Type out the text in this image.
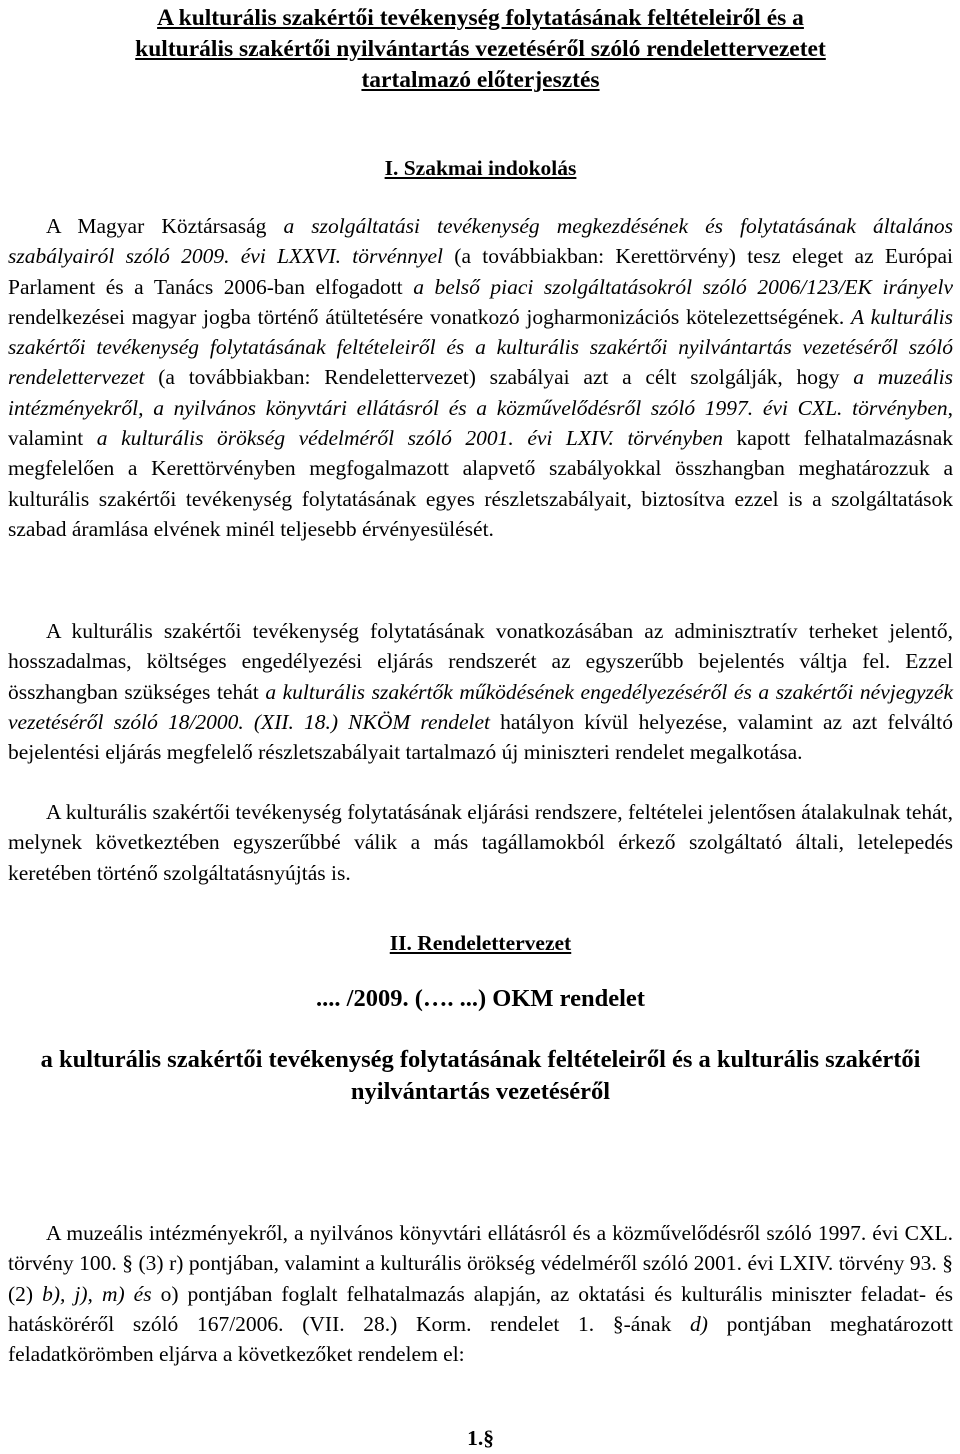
A kulturális szakértői tevékenység folytatásának feltételeiről és a
kulturális szakértői nyilvántartás vezetéséről szóló rendelettervezetet
tartalmazó előterjesztés
I. Szakmai indokolás
A Magyar Köztársaság a szolgáltatási tevékenység megkezdésének és folytatásának általános szabályairól szóló 2009. évi LXXVI. törvénnyel (a továbbiakban: Kerettörvény) tesz eleget az Európai Parlament és a Tanács 2006-ban elfogadott a belső piaci szolgáltatásokról szóló 2006/123/EK irányelv rendelkezései magyar jogba történő átültetésére vonatkozó jogharmonizációs kötelezettségének. A kulturális szakértői tevékenység folytatásának feltételeiről és a kulturális szakértői nyilvántartás vezetéséről szóló rendelettervezet (a továbbiakban: Rendelettervezet) szabályai azt a célt szolgálják, hogy a muzeális intézményekről, a nyilvános könyvtári ellátásról és a közművelődésről szóló 1997. évi CXL. törvényben, valamint a kulturális örökség védelméről szóló 2001. évi LXIV. törvényben kapott felhatalmazásnak megfelelően a Kerettörvényben megfogalmazott alapvető szabályokkal összhangban meghatározzuk a kulturális szakértői tevékenység folytatásának egyes részletszabályait, biztosítva ezzel is a szolgáltatások szabad áramlása elvének minél teljesebb érvényesülését.
A kulturális szakértői tevékenység folytatásának vonatkozásában az adminisztratív terheket jelentő, hosszadalmas, költséges engedélyezési eljárás rendszerét az egyszerűbb bejelentés váltja fel. Ezzel összhangban szükséges tehát a kulturális szakértők működésének engedélyezéséről és a szakértői névjegyzék vezetéséről szóló 18/2000. (XII. 18.) NKÖM rendelet hatályon kívül helyezése, valamint az azt felváltó bejelentési eljárás megfelelő részletszabályait tartalmazó új miniszteri rendelet megalkotása.
A kulturális szakértői tevékenység folytatásának eljárási rendszere, feltételei jelentősen átalakulnak tehát, melynek következtében egyszerűbbé válik a más tagállamokból érkező szolgáltató általi, letelepedés keretében történő szolgáltatásnyújtás is.
II. Rendelettervezet
.... /2009. (…. ...) OKM rendelet
a kulturális szakértői tevékenység folytatásának feltételeiről és a kulturális szakértői nyilvántartás vezetéséről
A muzeális intézményekről, a nyilvános könyvtári ellátásról és a közművelődésről szóló 1997. évi CXL. törvény 100. § (3) r) pontjában, valamint a kulturális örökség védelméről szóló 2001. évi LXIV. törvény 93. § (2) b), j), m) és o) pontjában foglalt felhatalmazás alapján, az oktatási és kulturális miniszter feladat- és hatásköréről szóló 167/2006. (VII. 28.) Korm. rendelet 1. §-ának d) pontjában meghatározott feladatkörömben eljárva a következőket rendelem el:
1.§
